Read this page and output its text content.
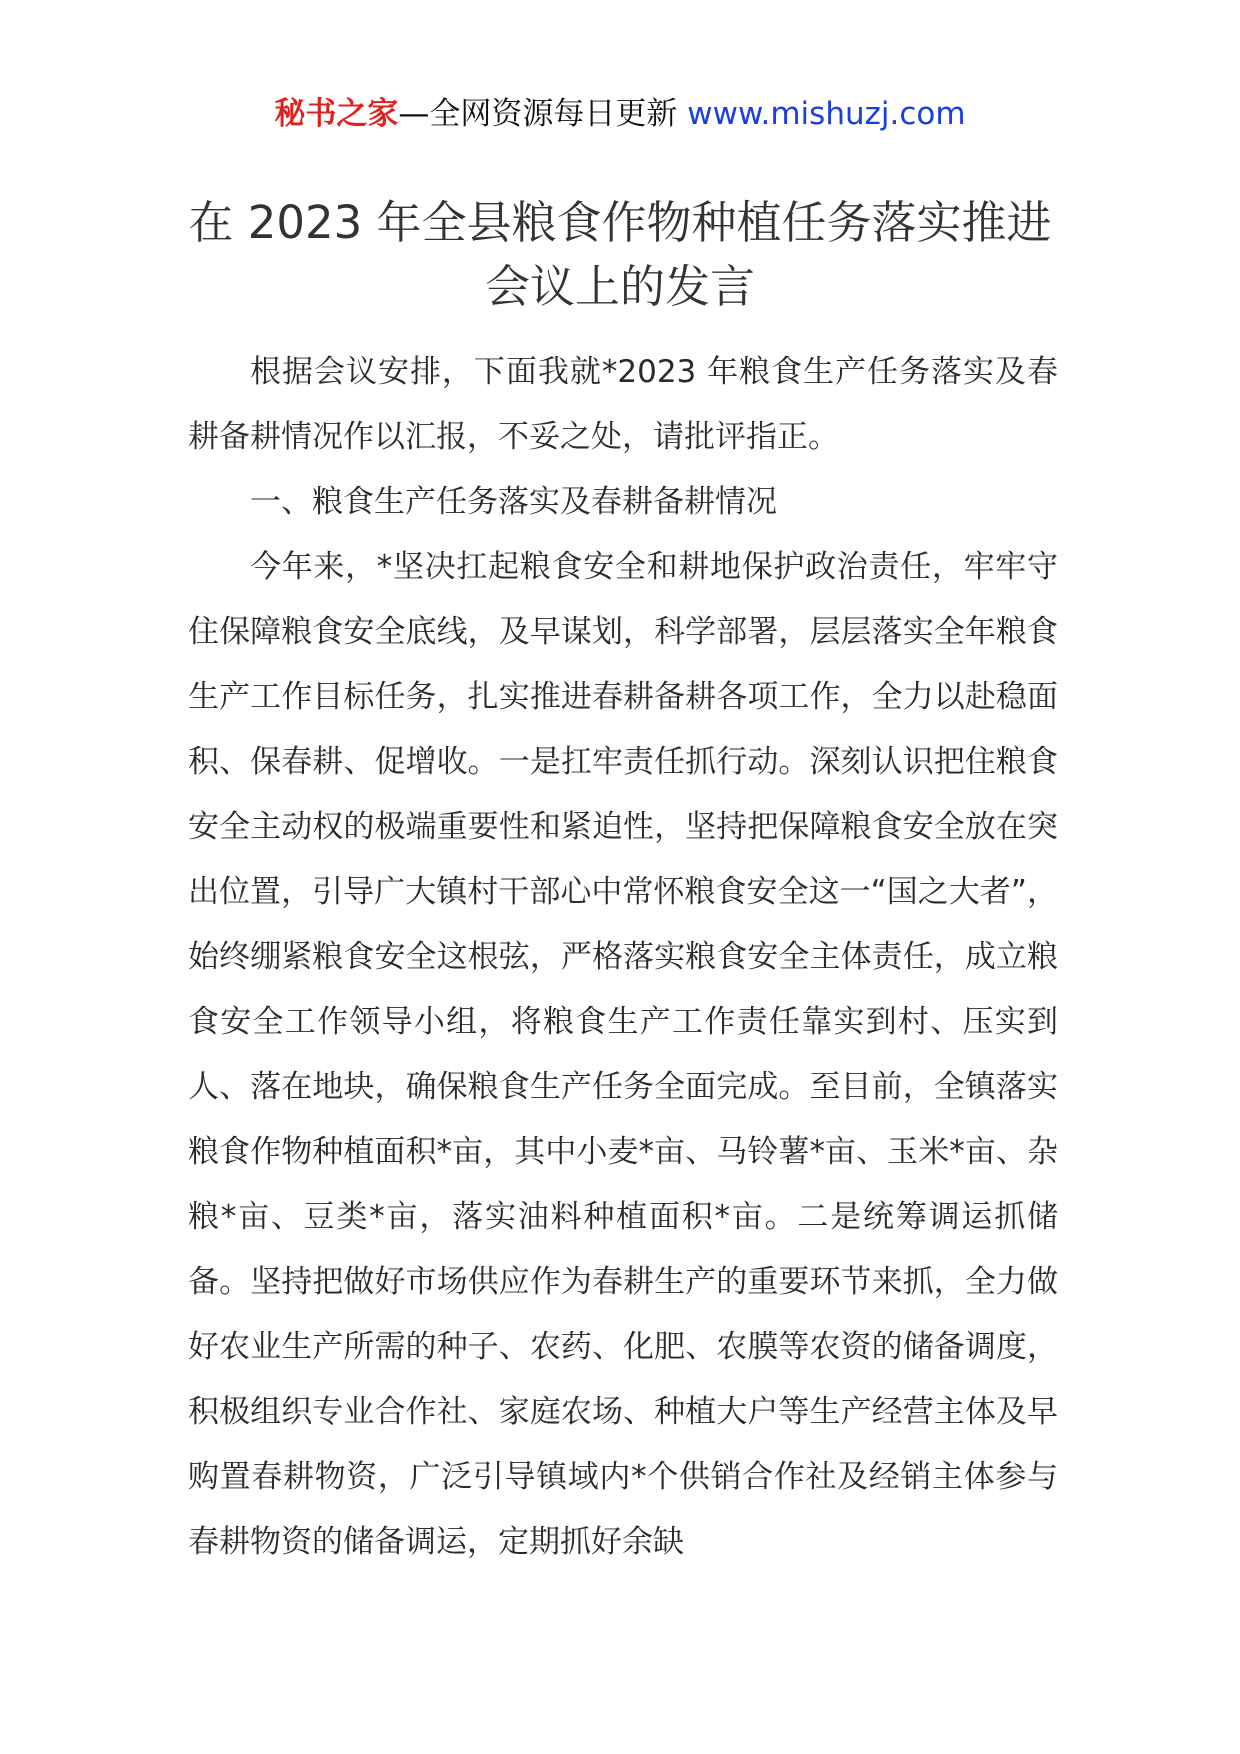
秘书之家—全网资源每日更新 www.mishuzj.com
在 2023 年全县粮食作物种植任务落实推进会议上的发言

根据会议安排，下面我就*2023 年粮食生产任务落实及春耕备耕情况作以汇报，不妥之处，请批评指正。

一、粮食生产任务落实及春耕备耕情况

今年来，*坚决扛起粮食安全和耕地保护政治责任，牢牢守住保障粮食安全底线，及早谋划，科学部署，层层落实全年粮食生产工作目标任务，扎实推进春耕备耕各项工作，全力以赴稳面积、保春耕、促增收。一是扛牢责任抓行动。深刻认识把住粮食安全主动权的极端重要性和紧迫性，坚持把保障粮食安全放在突出位置，引导广大镇村干部心中常怀粮食安全这一“国之大者”，始终绷紧粮食安全这根弦，严格落实粮食安全主体责任，成立粮食安全工作领导小组，将粮食生产工作责任靠实到村、压实到人、落在地块，确保粮食生产任务全面完成。至目前，全镇落实粮食作物种植面积*亩，其中小麦*亩、马铃薯*亩、玉米*亩、杂粮*亩、豆类*亩，落实油料种植面积*亩。二是统筹调运抓储备。坚持把做好市场供应作为春耕生产的重要环节来抓，全力做好农业生产所需的种子、农药、化肥、农膜等农资的储备调度，积极组织专业合作社、家庭农场、种植大户等生产经营主体及早购置春耕物资，广泛引导镇域内*个供销合作社及经销主体参与春耕物资的储备调运，定期抓好余缺
